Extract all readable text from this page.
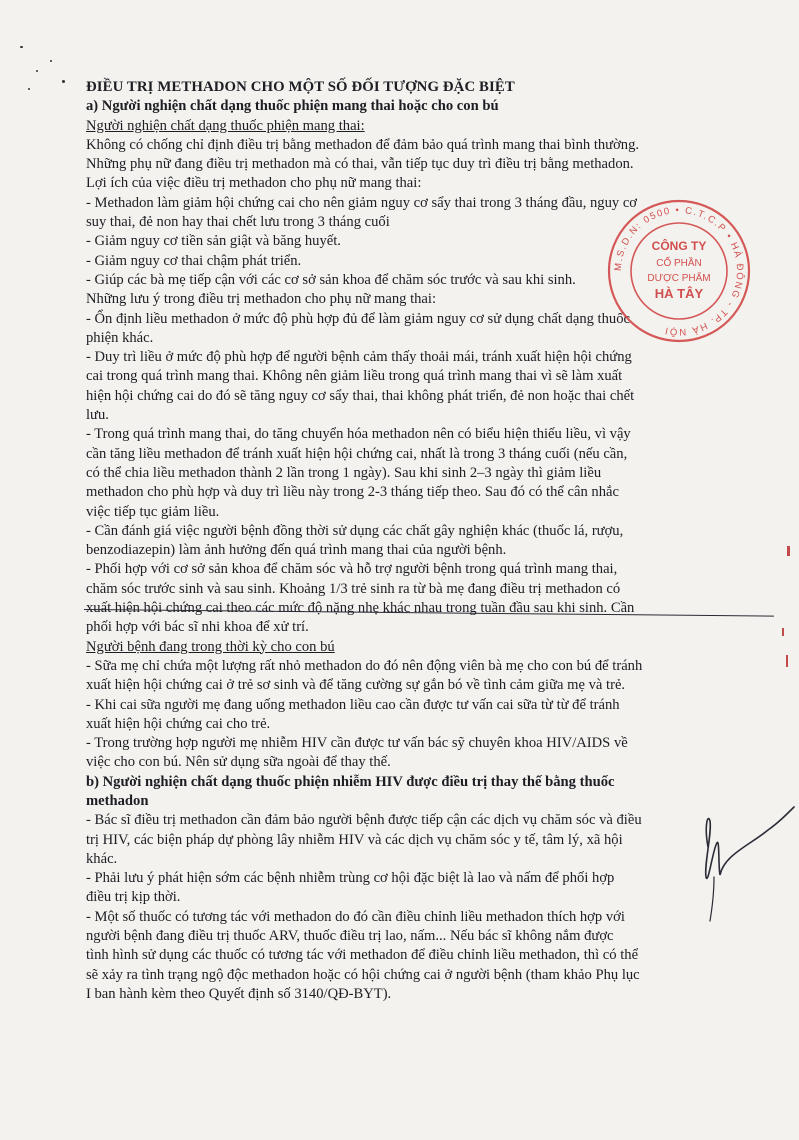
ĐIỀU TRỊ METHADON CHO MỘT SỐ ĐỐI TƯỢNG ĐẶC BIỆT
a) Người nghiện chất dạng thuốc phiện mang thai hoặc cho con bú
Người nghiện chất dạng thuốc phiện mang thai:
Không có chống chỉ định điều trị bằng methadon để đảm bảo quá trình mang thai bình thường.
Những phụ nữ đang điều trị methadon mà có thai, vẫn tiếp tục duy trì điều trị bằng methadon.
Lợi ích của việc điều trị methadon cho phụ nữ mang thai:
- Methadon làm giảm hội chứng cai cho nên giảm nguy cơ sẩy thai trong 3 tháng đầu, nguy cơ
suy thai, đẻ non hay thai chết lưu trong 3 tháng cuối
- Giảm nguy cơ tiền sản giật và băng huyết.
- Giảm nguy cơ thai chậm phát triển.
- Giúp các bà mẹ tiếp cận với các cơ sở sản khoa để chăm sóc trước và sau khi sinh.
Những lưu ý trong điều trị methadon cho phụ nữ mang thai:
- Ổn định liều methadon ở mức độ phù hợp đủ để làm giảm nguy cơ sử dụng chất dạng thuốc
phiện khác.
- Duy trì liều ở mức độ phù hợp để người bệnh cảm thấy thoải mái, tránh xuất hiện hội chứng
cai trong quá trình mang thai. Không nên giảm liều trong quá trình mang thai vì sẽ làm xuất
hiện hội chứng cai do đó sẽ tăng nguy cơ sẩy thai, thai không phát triển, đẻ non hoặc thai chết
lưu.
- Trong quá trình mang thai, do tăng chuyển hóa methadon nên có biểu hiện thiếu liều, vì vậy
cần tăng liều methadon để tránh xuất hiện hội chứng cai, nhất là trong 3 tháng cuối (nếu cần,
có thể chia liều methadon thành 2 lần trong 1 ngày). Sau khi sinh 2–3 ngày thì giảm liều
methadon cho phù hợp và duy trì liều này trong 2-3 tháng tiếp theo. Sau đó có thể cân nhắc
việc tiếp tục giảm liều.
- Cần đánh giá việc người bệnh đồng thời sử dụng các chất gây nghiện khác (thuốc lá, rượu,
benzodiazepin) làm ảnh hưởng đến quá trình mang thai của người bệnh.
- Phối hợp với cơ sở sản khoa để chăm sóc và hỗ trợ người bệnh trong quá trình mang thai,
chăm sóc trước sinh và sau sinh. Khoảng 1/3 trẻ sinh ra từ bà mẹ đang điều trị methadon có
xuất hiện hội chứng cai theo các mức độ nặng nhẹ khác nhau trong tuần đầu sau khi sinh. Cần
phối hợp với bác sĩ nhi khoa để xử trí.
Người bệnh đang trong thời kỳ cho con bú
- Sữa mẹ chỉ chứa một lượng rất nhỏ methadon do đó nên động viên bà mẹ cho con bú để tránh
xuất hiện hội chứng cai ở trẻ sơ sinh và để tăng cường sự gắn bó về tình cảm giữa mẹ và trẻ.
- Khi cai sữa người mẹ đang uống methadon liều cao cần được tư vấn cai sữa từ từ để tránh
xuất hiện hội chứng cai cho trẻ.
- Trong trường hợp người mẹ nhiễm HIV cần được tư vấn bác sỹ chuyên khoa HIV/AIDS về
việc cho con bú. Nên sử dụng sữa ngoài để thay thế.
b) Người nghiện chất dạng thuốc phiện nhiễm HIV được điều trị thay thế bằng thuốc
methadon
- Bác sĩ điều trị methadon cần đảm bảo người bệnh được tiếp cận các dịch vụ chăm sóc và điều
trị HIV, các biện pháp dự phòng lây nhiễm HIV và các dịch vụ chăm sóc y tế, tâm lý, xã hội
khác.
- Phải lưu ý phát hiện sớm các bệnh nhiễm trùng cơ hội đặc biệt là lao và nấm để phối hợp
điều trị kịp thời.
- Một số thuốc có tương tác với methadon do đó cần điều chỉnh liều methadon thích hợp với
người bệnh đang điều trị thuốc ARV, thuốc điều trị lao, nấm... Nếu bác sĩ không nắm được
tình hình sử dụng các thuốc có tương tác với methadon để điều chỉnh liều methadon, thì có thể
sẽ xảy ra tình trạng ngộ độc methadon hoặc có hội chứng cai ở người bệnh (tham khảo Phụ lục
I ban hành kèm theo Quyết định số 3140/QĐ-BYT).
M.S.D.N: 0500 • C.T.C.P • HÀ ĐÔNG - TP. HÀ NỘI
CÔNG TY
CỔ PHẦN
DƯỢC PHẨM
HÀ TÂY
